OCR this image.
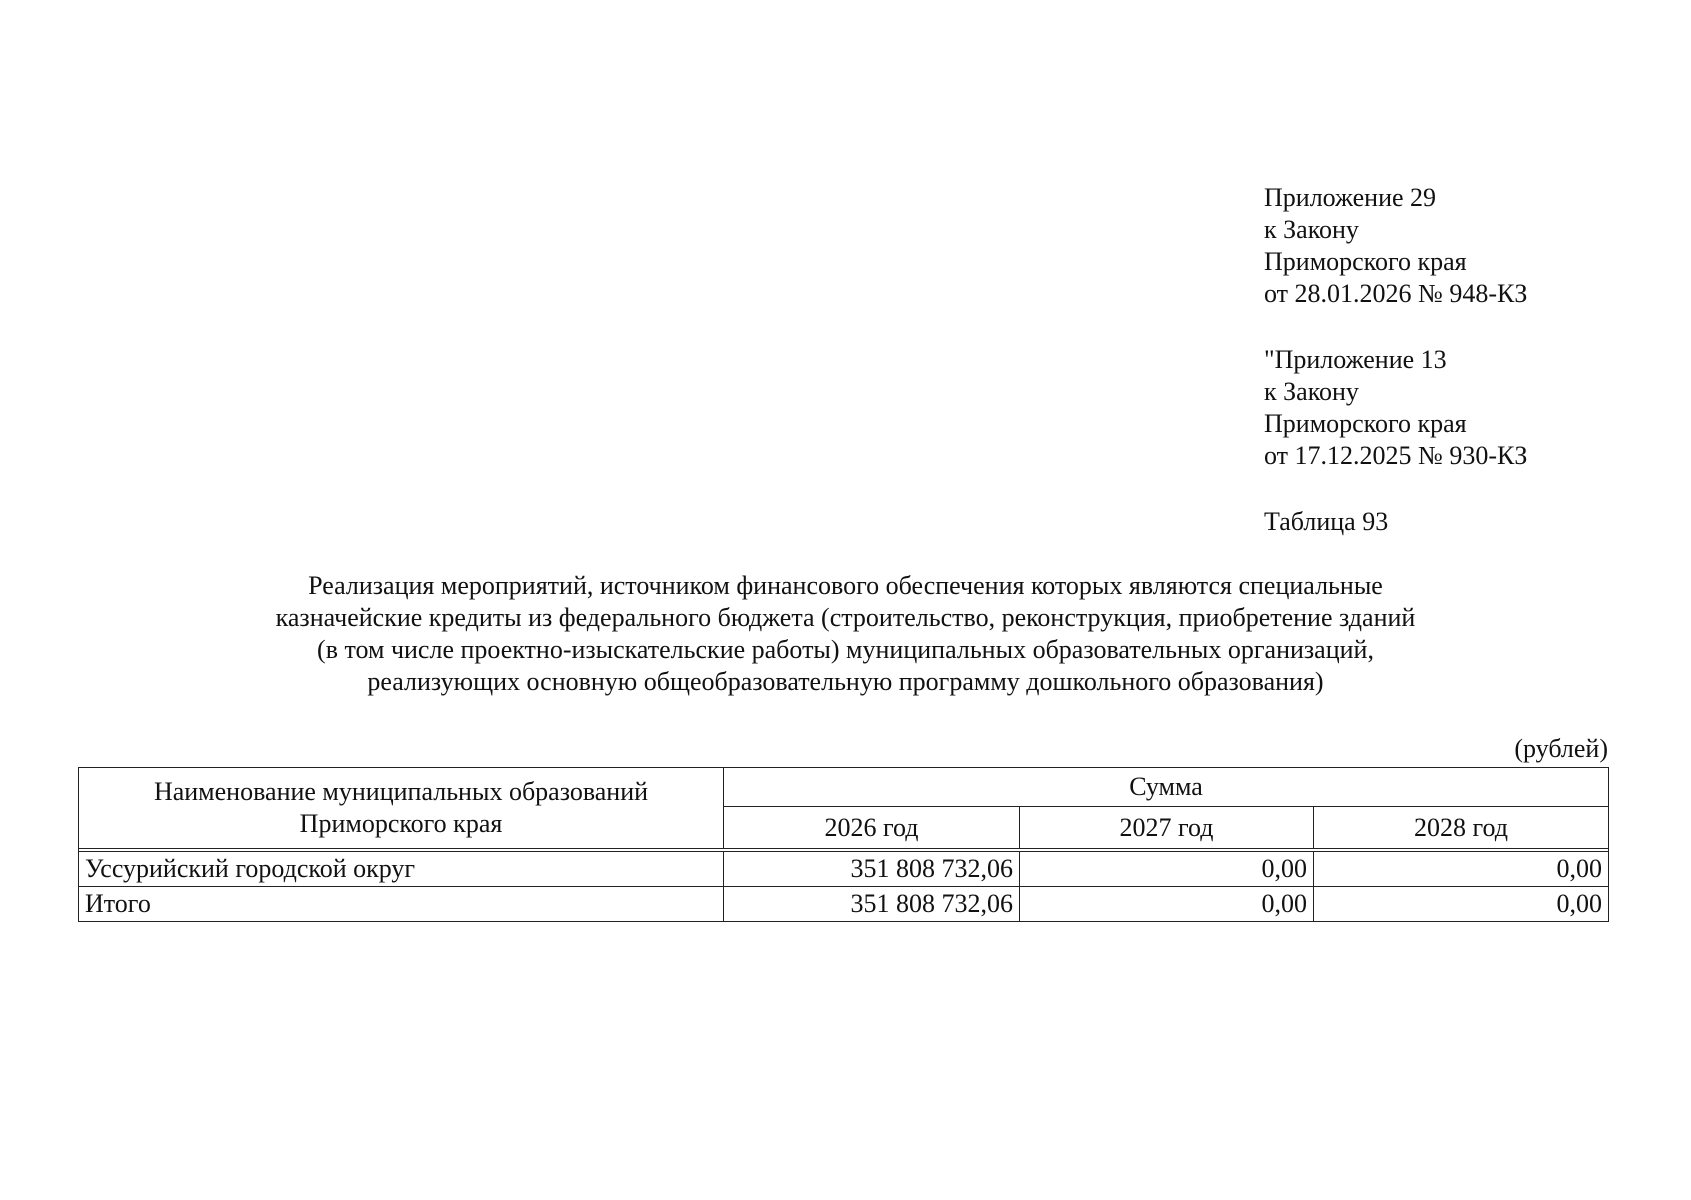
Приложение 29
к Закону
Приморского края
от 28.01.2026 № 948-КЗ
"Приложение 13
к Закону
Приморского края
от 17.12.2025 № 930-КЗ
Таблица 93
Реализация мероприятий, источником финансового обеспечения которых являются специальные
казначейские кредиты из федерального бюджета (строительство, реконструкция, приобретение зданий
(в том числе проектно-изыскательские работы) муниципальных образовательных организаций,
реализующих основную общеобразовательную программу дошкольного образования)
(рублей)
Наименование муниципальных образований
Приморского края	Сумма		
	2026 год	2027 год	2028 год

Уссурийский городской округ	351 808 732,06	0,00	0,00
Итого	351 808 732,06	0,00	0,00
